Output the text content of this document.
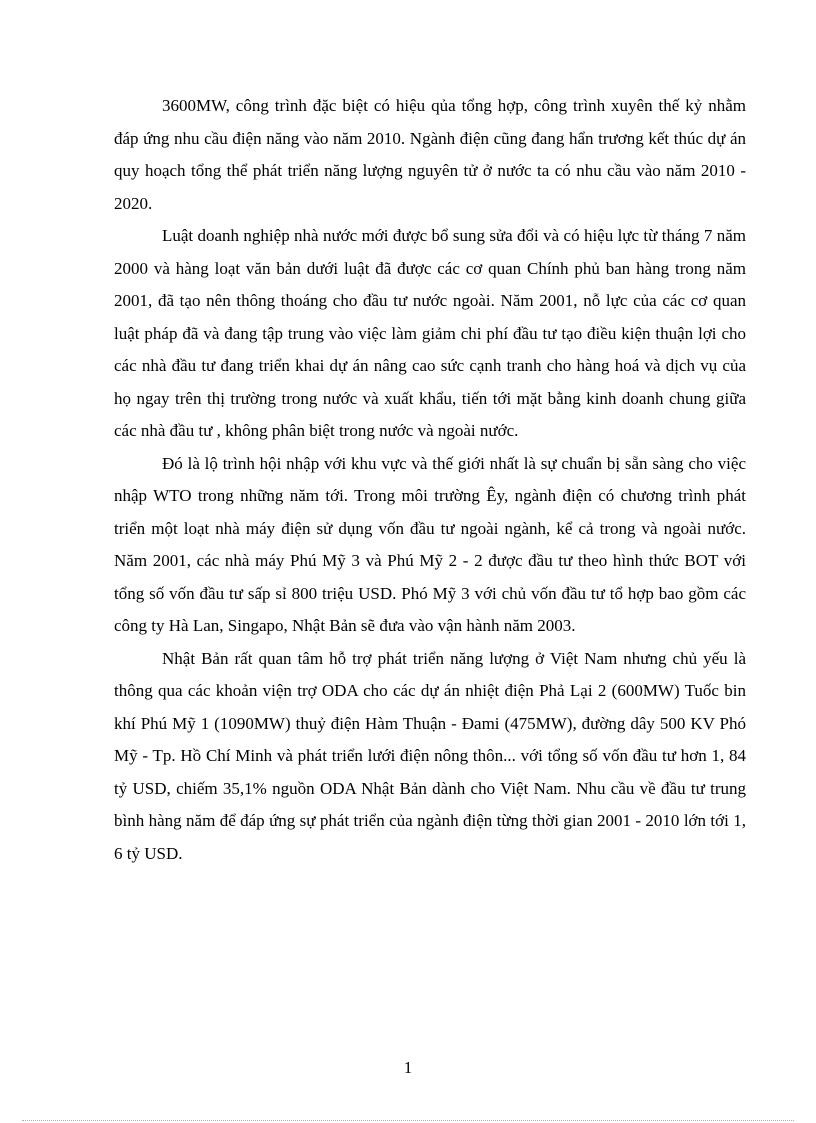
3600MW, công trình đặc biệt có hiệu qủa tổng hợp, công trình xuyên thế kỷ nhằm đáp ứng nhu cầu điện năng vào năm 2010. Ngành điện cũng đang hẩn trương kết thúc dự án quy hoạch tổng thể phát triển năng lượng nguyên tử ở nước ta có nhu cầu vào năm 2010 - 2020.

Luật doanh nghiệp nhà nước mới được bổ sung sửa đổi và có hiệu lực từ tháng 7 năm 2000 và hàng loạt văn bản dưới luật đã được các cơ quan Chính phủ ban hàng trong năm 2001, đã tạo nên thông thoáng cho đầu tư nước ngoài. Năm 2001, nỗ lực của các cơ quan luật pháp đã và đang tập trung vào việc làm giảm chi phí đầu tư tạo điều kiện thuận lợi cho các nhà đầu tư đang triển khai dự án nâng cao sức cạnh tranh cho hàng hoá và dịch vụ của họ ngay trên thị trường trong nước và xuất khẩu, tiến tới mặt bằng kinh doanh chung giữa các nhà đầu tư , không phân biệt trong nước và ngoài nước.

Đó là lộ trình hội nhập với khu vực và thế giới nhất là sự chuẩn bị sẵn sàng cho việc nhập WTO trong những năm tới. Trong môi trường Êy, ngành điện có chương trình phát triển một loạt nhà máy điện sử dụng vốn đầu tư ngoài ngành, kể cả trong và ngoài nước. Năm 2001, các nhà máy Phú Mỹ 3 và Phú Mỹ 2 - 2 được đầu tư theo hình thức BOT với tổng số vốn đầu tư sấp sỉ 800 triệu USD. Phó Mỹ 3 với chủ vốn đầu tư tổ hợp bao gồm các công ty Hà Lan, Singapo, Nhật Bản sẽ đưa vào vận hành năm 2003.

Nhật Bản rất quan tâm hỗ trợ phát triển năng lượng ở Việt Nam nhưng chủ yếu là thông qua các khoản viện trợ ODA cho các dự án nhiệt điện Phả Lại 2 (600MW) Tuốc bin khí Phú Mỹ 1 (1090MW) thuỷ điện Hàm Thuận - Đami (475MW), đường dây 500 KV Phó Mỹ - Tp. Hồ Chí Minh và phát triển lưới điện nông thôn... với tổng số vốn đầu tư hơn 1, 84 tỷ USD, chiếm 35,1% nguồn ODA Nhật Bản dành cho Việt Nam. Nhu cầu về đầu tư trung bình hàng năm để đáp ứng sự phát triển của ngành điện từng thời gian 2001 - 2010 lớn tới 1, 6 tỷ USD.

1
